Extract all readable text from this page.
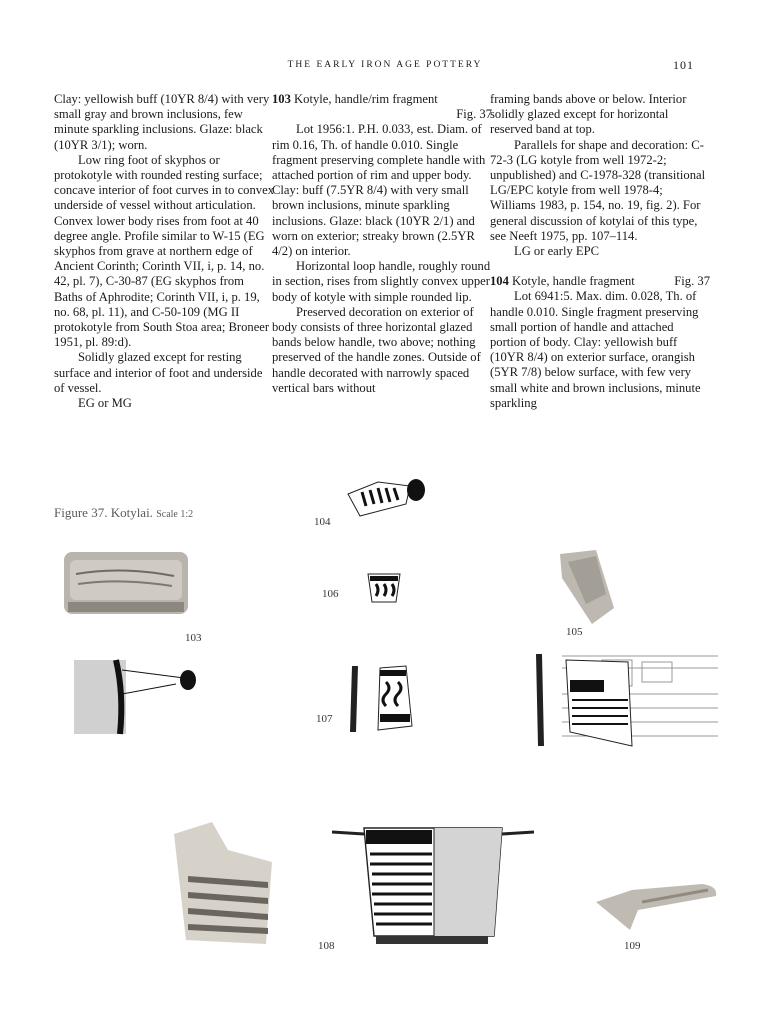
THE EARLY IRON AGE POTTERY	101

Clay: yellowish buff (10YR 8/4) with very small gray and brown inclusions, few minute sparkling inclusions. Glaze: black (10YR 3/1); worn.

Low ring foot of skyphos or protokotyle with rounded resting surface; concave interior of foot curves in to convex underside of vessel without articulation. Convex lower body rises from foot at 40 degree angle. Profile similar to W-15 (EG skyphos from grave at northern edge of Ancient Corinth; Corinth VII, i, p. 14, no. 42, pl. 7), C-30-87 (EG skyphos from Baths of Aphrodite; Corinth VII, i, p. 19, no. 68, pl. 11), and C-50-109 (MG II protokotyle from South Stoa area; Broneer 1951, pl. 89:d).

Solidly glazed except for resting surface and interior of foot and underside of vessel.

EG or MG

103 Kotyle, handle/rim fragment

Fig. 37

Lot 1956:1. P.H. 0.033, est. Diam. of rim 0.16, Th. of handle 0.010. Single fragment preserving complete handle with attached portion of rim and upper body. Clay: buff (7.5YR 8/4) with very small brown inclusions, minute sparkling inclusions. Glaze: black (10YR 2/1) and worn on exterior; streaky brown (2.5YR 4/2) on interior.

Horizontal loop handle, roughly round in section, rises from slightly convex upper body of kotyle with simple rounded lip.

Preserved decoration on exterior of body consists of three horizontal glazed bands below handle, two above; nothing preserved of the handle zones. Outside of handle decorated with narrowly spaced vertical bars without

framing bands above or below. Interior solidly glazed except for horizontal reserved band at top.

Parallels for shape and decoration: C-72-3 (LG kotyle from well 1972-2; unpublished) and C-1978-328 (transitional LG/EPC kotyle from well 1978-4; Williams 1983, p. 154, no. 19, fig. 2). For general discussion of kotylai of this type, see Neeft 1975, pp. 107–114.

LG or early EPC

104 Kotyle, handle fragment	Fig. 37

Lot 6941:5. Max. dim. 0.028, Th. of handle 0.010. Single fragment preserving small portion of handle and attached portion of body. Clay: yellowish buff (10YR 8/4) on exterior surface, orangish (5YR 7/8) below surface, with few very small white and brown inclusions, minute sparkling

Figure 37. Kotylai. Scale 1:2
103
104
105
106
107
108	109
